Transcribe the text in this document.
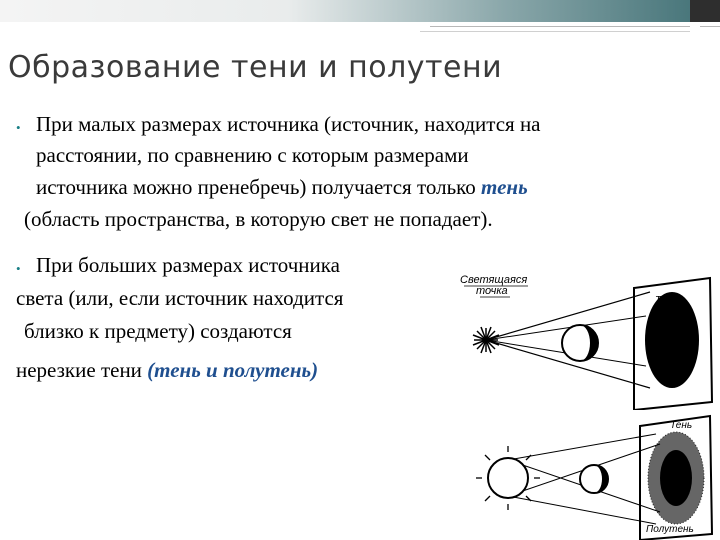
Образование тени и полутени
• При малых размерах источника (источник, находится на
расстоянии, по сравнению с которым размерами
источника можно пренебречь) получается только тень
(область пространства, в которую свет не попадает).
• При больших размерах источника
света (или, если источник находится
близко к предмету) создаются
нерезкие тени (тень и полутень)
Светящаяся
точка
Тень
Тень
Полутень
